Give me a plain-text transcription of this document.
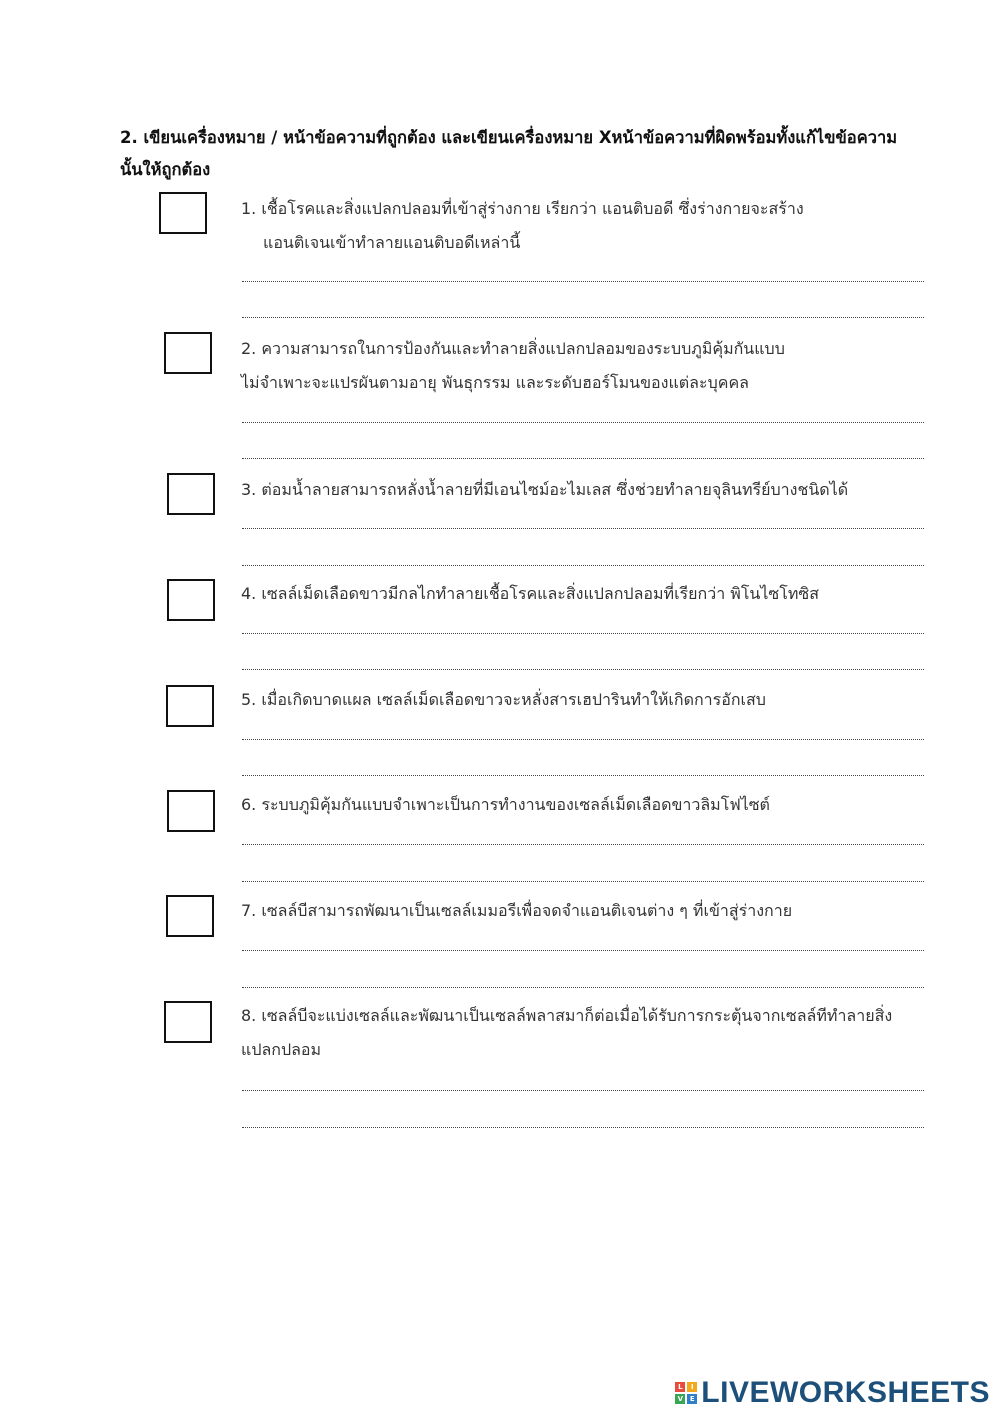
2. เขียนเครื่องหมาย / หน้าข้อความที่ถูกต้อง และเขียนเครื่องหมาย Xหน้าข้อความที่ผิดพร้อมทั้งแก้ไขข้อความ
นั้นให้ถูกต้อง
1. เชื้อโรคและสิ่งแปลกปลอมที่เข้าสู่ร่างกาย เรียกว่า แอนติบอดี ซึ่งร่างกายจะสร้าง
แอนติเจนเข้าทำลายแอนติบอดีเหล่านี้
2. ความสามารถในการป้องกันและทำลายสิ่งแปลกปลอมของระบบภูมิคุ้มกันแบบ
ไม่จำเพาะจะแปรผันตามอายุ พันธุกรรม และระดับฮอร์โมนของแต่ละบุคคล
3. ต่อมน้ำลายสามารถหลั่งน้ำลายที่มีเอนไซม์อะไมเลส ซึ่งช่วยทำลายจุลินทรีย์บางชนิดได้
4. เซลล์เม็ดเลือดขาวมีกลไกทำลายเชื้อโรคและสิ่งแปลกปลอมที่เรียกว่า พิโนไซโทซิส
5. เมื่อเกิดบาดแผล เซลล์เม็ดเลือดขาวจะหลั่งสารเฮปารินทำให้เกิดการอักเสบ
6. ระบบภูมิคุ้มกันแบบจำเพาะเป็นการทำงานของเซลล์เม็ดเลือดขาวลิมโฟไซต์
7. เซลล์บีสามารถพัฒนาเป็นเซลล์เมมอรีเพื่อจดจำแอนติเจนต่าง ๆ ที่เข้าสู่ร่างกาย
8. เซลล์บีจะแบ่งเซลล์และพัฒนาเป็นเซลล์พลาสมาก็ต่อเมื่อได้รับการกระตุ้นจากเซลล์ทีทำลายสิ่ง
แปลกปลอม
L	I
V E LIVEWORKSHEETS
